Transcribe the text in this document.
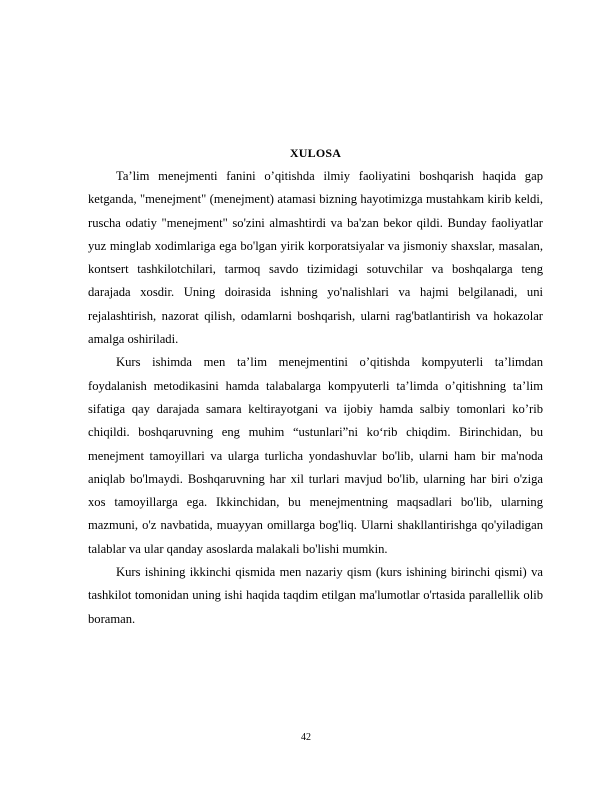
XULOSA

Ta’lim menejmenti fanini o’qitishda ilmiy faoliyatini boshqarish haqida gap ketganda, "menejment" (menejment) atamasi bizning hayotimizga mustahkam kirib keldi, ruscha odatiy "menejment" so'zini almashtirdi va ba'zan bekor qildi. Bunday faoliyatlar yuz minglab xodimlariga ega bo'lgan yirik korporatsiyalar va jismoniy shaxslar, masalan, kontsert tashkilotchilari, tarmoq savdo tizimidagi sotuvchilar va boshqalarga teng darajada xosdir. Uning doirasida ishning yo'nalishlari va hajmi belgilanadi, uni rejalashtirish, nazorat qilish, odamlarni boshqarish, ularni rag'batlantirish va hokazolar amalga oshiriladi.

Kurs ishimda men ta’lim menejmentini o’qitishda kompyuterli ta’limdan foydalanish metodikasini hamda talabalarga kompyuterli ta’limda o’qitishning ta’lim sifatiga qay darajada samara keltirayotgani va ijobiy hamda salbiy tomonlari ko’rib chiqildi. boshqaruvning eng muhim “ustunlari”ni ko‘rib chiqdim. Birinchidan, bu menejment tamoyillari va ularga turlicha yondashuvlar bo'lib, ularni ham bir ma'noda aniqlab bo'lmaydi. Boshqaruvning har xil turlari mavjud bo'lib, ularning har biri o'ziga xos tamoyillarga ega. Ikkinchidan, bu menejmentning maqsadlari bo'lib, ularning mazmuni, o'z navbatida, muayyan omillarga bog'liq. Ularni shakllantirishga qo'yiladigan talablar va ular qanday asoslarda malakali bo'lishi mumkin.

Kurs ishining ikkinchi qismida men nazariy qism (kurs ishining birinchi qismi) va tashkilot tomonidan uning ishi haqida taqdim etilgan ma'lumotlar o'rtasida parallellik olib boraman.

42
